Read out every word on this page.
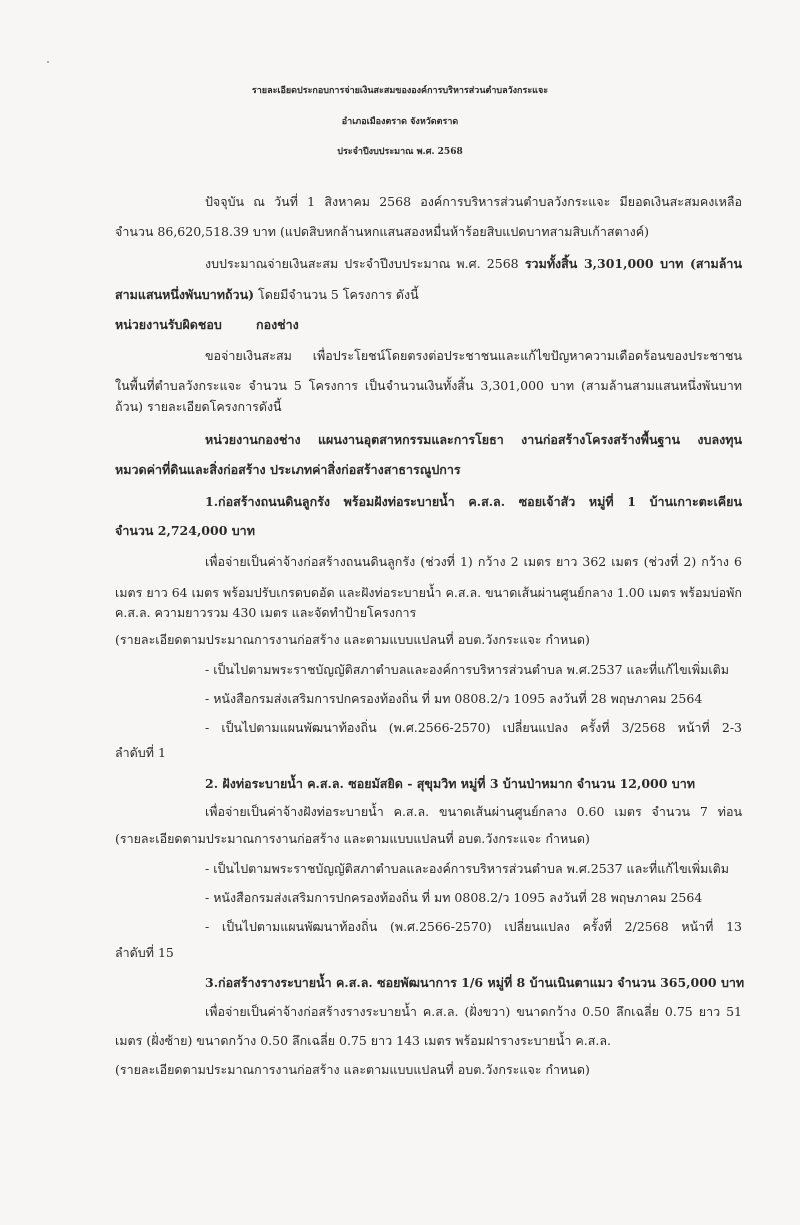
รายละเอียดประกอบการจ่ายเงินสะสมขององค์การบริหารส่วนตำบลวังกระแจะ
อำเภอเมืองตราด จังหวัดตราด
ประจำปีงบประมาณ พ.ศ. 2568
ปัจจุบัน ณ วันที่ 1 สิงหาคม 2568 องค์การบริหารส่วนตำบลวังกระแจะ มียอดเงินสะสมคงเหลือ
จำนวน 86,620,518.39 บาท (แปดสิบหกล้านหกแสนสองหมื่นห้าร้อยสิบแปดบาทสามสิบเก้าสตางค์)
งบประมาณจ่ายเงินสะสม ประจำปีงบประมาณ พ.ศ. 2568 รวมทั้งสิ้น 3,301,000 บาท (สามล้าน
สามแสนหนึ่งพันบาทถ้วน) โดยมีจำนวน 5 โครงการ ดังนี้
หน่วยงานรับผิดชอบ	กองช่าง
ขอจ่ายเงินสะสม เพื่อประโยชน์โดยตรงต่อประชาชนและแก้ไขปัญหาความเดือดร้อนของประชาชน
ในพื้นที่ตำบลวังกระแจะ จำนวน 5 โครงการ เป็นจำนวนเงินทั้งสิ้น 3,301,000 บาท (สามล้านสามแสนหนึ่งพันบาท
ถ้วน) รายละเอียดโครงการดังนี้
หน่วยงานกองช่าง แผนงานอุตสาหกรรมและการโยธา งานก่อสร้างโครงสร้างพื้นฐาน งบลงทุน
หมวดค่าที่ดินและสิ่งก่อสร้าง ประเภทค่าสิ่งก่อสร้างสาธารณูปการ
1.ก่อสร้างถนนดินลูกรัง พร้อมฝังท่อระบายน้ำ ค.ส.ล. ซอยเจ้าสัว หมู่ที่ 1 บ้านเกาะตะเคียน
จำนวน 2,724,000 บาท
เพื่อจ่ายเป็นค่าจ้างก่อสร้างถนนดินลูกรัง (ช่วงที่ 1) กว้าง 2 เมตร ยาว 362 เมตร (ช่วงที่ 2) กว้าง 6
เมตร ยาว 64 เมตร พร้อมปรับเกรดบดอัด และฝังท่อระบายน้ำ ค.ส.ล. ขนาดเส้นผ่านศูนย์กลาง 1.00 เมตร พร้อมบ่อพัก
ค.ส.ล. ความยาวรวม 430 เมตร และจัดทำป้ายโครงการ
(รายละเอียดตามประมาณการงานก่อสร้าง และตามแบบแปลนที่ อบต.วังกระแจะ กำหนด)
- เป็นไปตามพระราชบัญญัติสภาตำบลและองค์การบริหารส่วนตำบล พ.ศ.2537 และที่แก้ไขเพิ่มเติม
- หนังสือกรมส่งเสริมการปกครองท้องถิ่น ที่ มท 0808.2/ว 1095 ลงวันที่ 28 พฤษภาคม 2564
- เป็นไปตามแผนพัฒนาท้องถิ่น (พ.ศ.2566-2570) เปลี่ยนแปลง ครั้งที่ 3/2568 หน้าที่ 2-3
ลำดับที่ 1
2. ฝังท่อระบายน้ำ ค.ส.ล. ซอยมัสยิด - สุขุมวิท หมู่ที่ 3 บ้านป่าหมาก จำนวน 12,000 บาท
เพื่อจ่ายเป็นค่าจ้างฝังท่อระบายน้ำ ค.ส.ล. ขนาดเส้นผ่านศูนย์กลาง 0.60 เมตร จำนวน 7 ท่อน
(รายละเอียดตามประมาณการงานก่อสร้าง และตามแบบแปลนที่ อบต.วังกระแจะ กำหนด)
- เป็นไปตามพระราชบัญญัติสภาตำบลและองค์การบริหารส่วนตำบล พ.ศ.2537 และที่แก้ไขเพิ่มเติม
- หนังสือกรมส่งเสริมการปกครองท้องถิ่น ที่ มท 0808.2/ว 1095 ลงวันที่ 28 พฤษภาคม 2564
- เป็นไปตามแผนพัฒนาท้องถิ่น (พ.ศ.2566-2570) เปลี่ยนแปลง ครั้งที่ 2/2568 หน้าที่ 13
ลำดับที่ 15
3.ก่อสร้างรางระบายน้ำ ค.ส.ล. ซอยพัฒนาการ 1/6 หมู่ที่ 8 บ้านเนินตาแมว จำนวน 365,000 บาท
เพื่อจ่ายเป็นค่าจ้างก่อสร้างรางระบายน้ำ ค.ส.ล. (ฝั่งขวา) ขนาดกว้าง 0.50 ลึกเฉลี่ย 0.75 ยาว 51
เมตร (ฝั่งซ้าย) ขนาดกว้าง 0.50 ลึกเฉลี่ย 0.75 ยาว 143 เมตร พร้อมฝารางระบายน้ำ ค.ส.ล.
(รายละเอียดตามประมาณการงานก่อสร้าง และตามแบบแปลนที่ อบต.วังกระแจะ กำหนด)
